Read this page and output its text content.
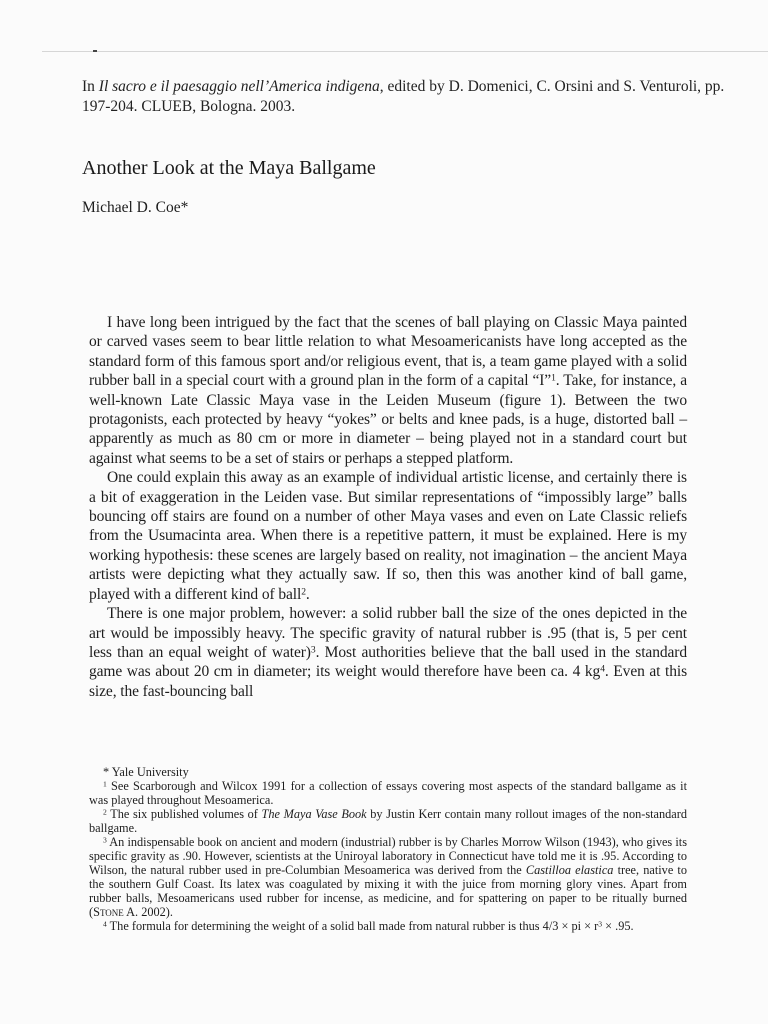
In Il sacro e il paesaggio nell’America indigena, edited by D. Domenici, C. Orsini and S. Venturoli, pp. 197-204. CLUEB, Bologna. 2003.
Another Look at the Maya Ballgame
Michael D. Coe*

I have long been intrigued by the fact that the scenes of ball playing on Classic Maya painted or carved vases seem to bear little relation to what Mesoamericanists have long accepted as the standard form of this famous sport and/or religious event, that is, a team game played with a solid rubber ball in a special court with a ground plan in the form of a capital “I”$^1$. Take, for instance, a well-known Late Classic Maya vase in the Leiden Museum (figure 1). Between the two protagonists, each protected by heavy “yokes” or belts and knee pads, is a huge, distorted ball – apparently as much as 80 cm or more in diameter – being played not in a standard court but against what seems to be a set of stairs or perhaps a stepped platform.

One could explain this away as an example of individual artistic license, and certainly there is a bit of exaggeration in the Leiden vase. But similar representations of “impossibly large” balls bouncing off stairs are found on a number of other Maya vases and even on Late Classic reliefs from the Usumacinta area. When there is a repetitive pattern, it must be explained. Here is my working hypothesis: these scenes are largely based on reality, not imagination – the ancient Maya artists were depicting what they actually saw. If so, then this was another kind of ball game, played with a different kind of ball$^2$.

There is one major problem, however: a solid rubber ball the size of the ones depicted in the art would be impossibly heavy. The specific gravity of natural rubber is .95 (that is, 5 per cent less than an equal weight of water)$^3$. Most authorities believe that the ball used in the standard game was about 20 cm in diameter; its weight would therefore have been ca. 4 $kg^4$. Even at this size, the fast-bouncing ball

* Yale University

$^1$ See Scarborough and Wilcox 1991 for a collection of essays covering most aspects of the standard ballgame as it was played throughout Mesoamerica.

$^2$ The six published volumes of The Maya Vase Book by Justin Kerr contain many rollout images of the non-standard ballgame.

$^3$ An indispensable book on ancient and modern (industrial) rubber is by Charles Morrow Wilson (1943), who gives its specific gravity as .90. However, scientists at the Uniroyal laboratory in Connecticut have told me it is .95. According to Wilson, the natural rubber used in pre-Columbian Mesoamerica was derived from the Castilloa elastica tree, native to the southern Gulf Coast. Its latex was coagulated by mixing it with the juice from morning glory vines. Apart from rubber balls, Mesoamericans used rubber for incense, as medicine, and for spattering on paper to be ritually burned (Stone A. 2002).

$^4$ The formula for determining the weight of a solid ball made from natural rubber is thus 4/3 × pi × $r^3 \times .95$.
